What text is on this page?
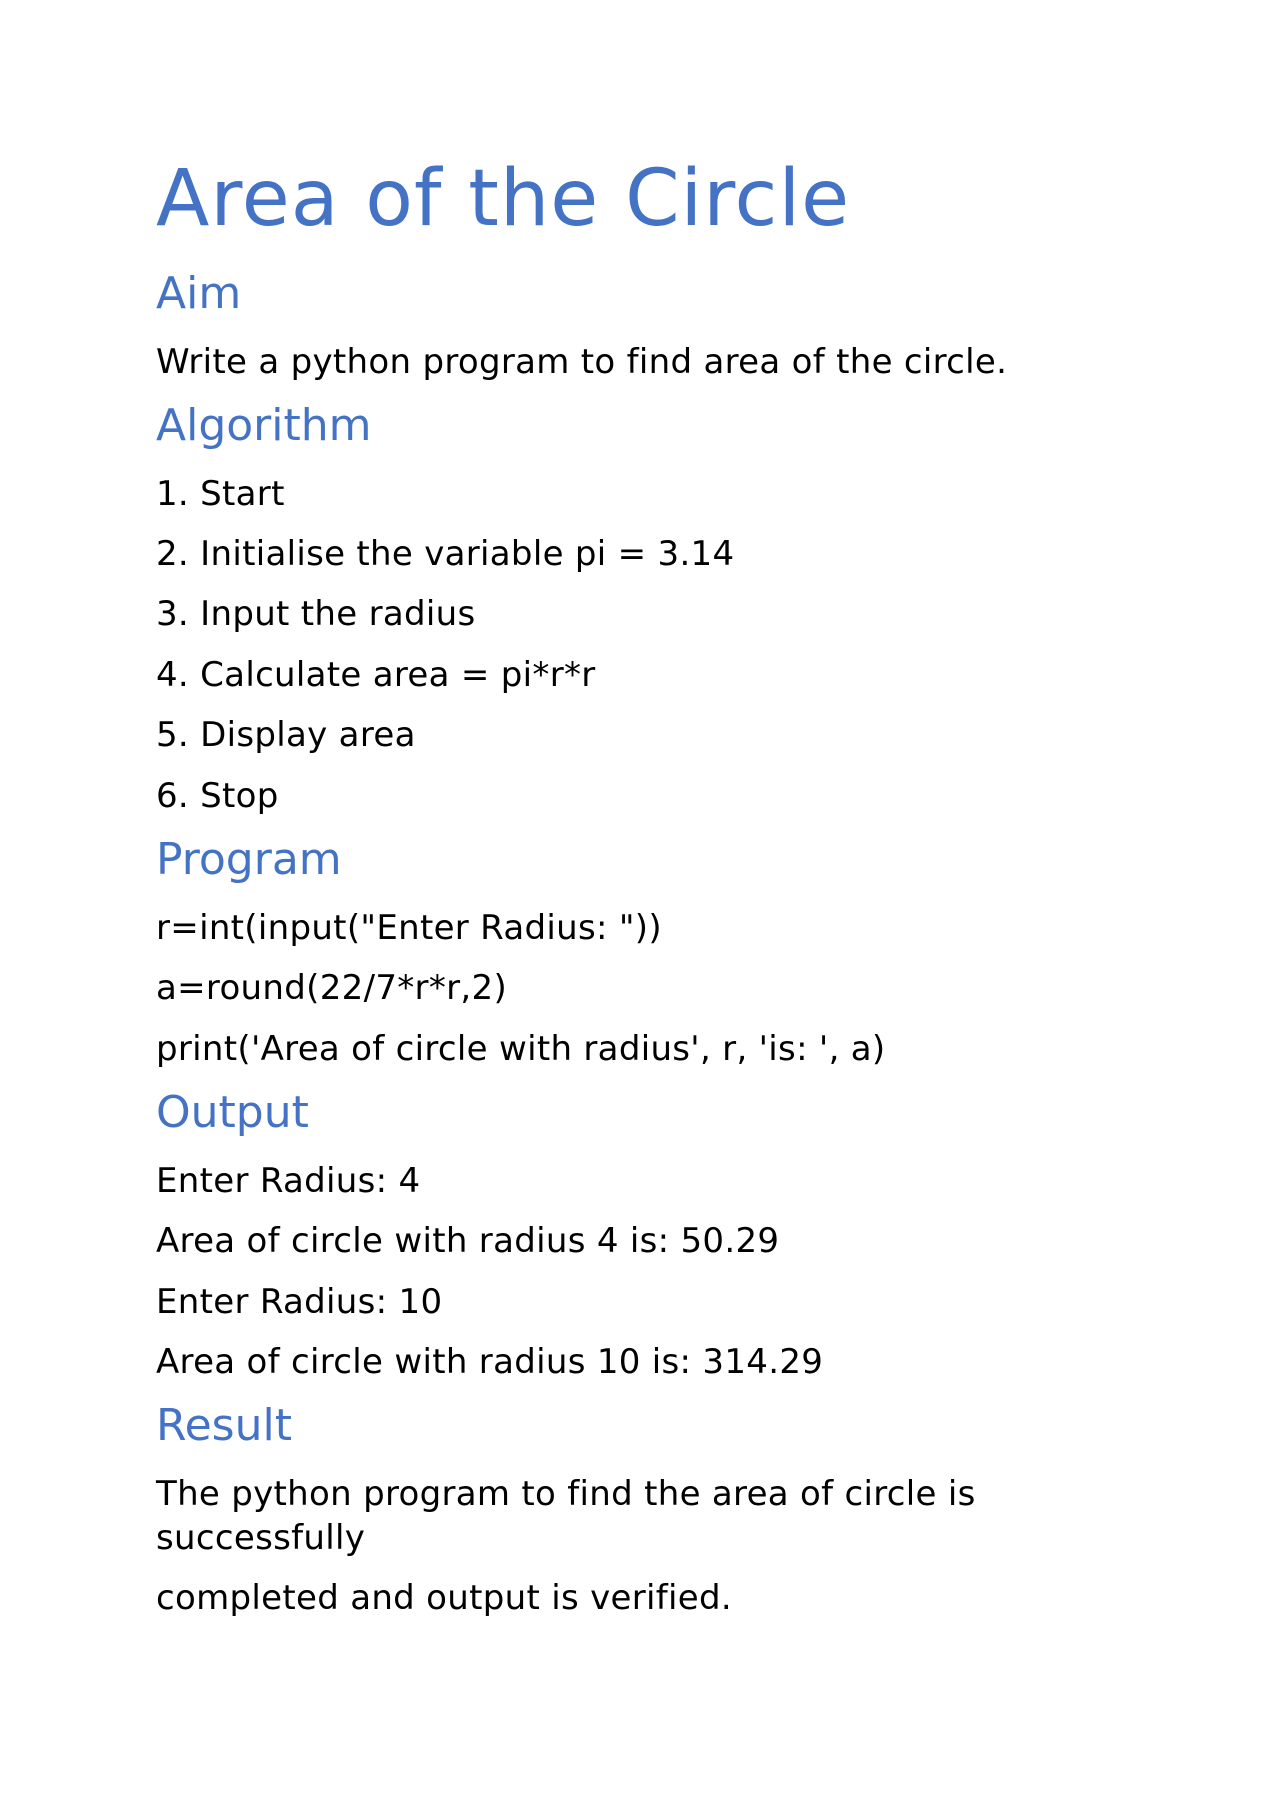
Area of the Circle
Aim

Write a python program to find area of the circle.

Algorithm

1. Start

2. Initialise the variable pi = 3.14

3. Input the radius

4. Calculate area = pi*r*r

5. Display area

6. Stop

Program

r=int(input("Enter Radius: "))

a=round(22/7*r*r,2)

print('Area of circle with radius', r, 'is: ', a)

Output

Enter Radius: 4

Area of circle with radius 4 is: 50.29

Enter Radius: 10

Area of circle with radius 10 is: 314.29

Result

The python program to find the area of circle is successfully

completed and output is verified.
